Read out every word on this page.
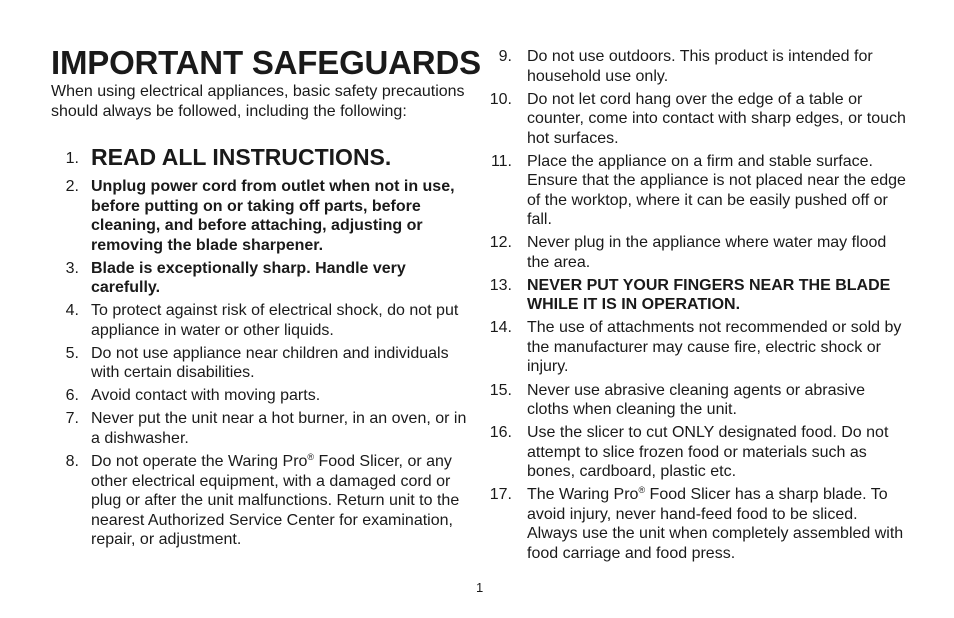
IMPORTANT SAFEGUARDS
When using electrical appliances, basic safety precautions should always be followed, including the following:
1. READ ALL INSTRUCTIONS.
2. Unplug power cord from outlet when not in use, before putting on or taking off parts, before cleaning, and before attaching, adjusting or removing the blade sharpener.
3. Blade is exceptionally sharp. Handle very carefully.
4. To protect against risk of electrical shock, do not put appliance in water or other liquids.
5. Do not use appliance near children and individuals with certain disabilities.
6. Avoid contact with moving parts.
7. Never put the unit near a hot burner, in an oven, or in a dishwasher.
8. Do not operate the Waring Pro® Food Slicer, or any other electrical equipment, with a damaged cord or plug or after the unit malfunctions. Return unit to the nearest Authorized Service Center for examination, repair, or adjustment.
9. Do not use outdoors. This product is intended for household use only.
10. Do not let cord hang over the edge of a table or counter, come into contact with sharp edges, or touch hot surfaces.
11. Place the appliance on a firm and stable surface. Ensure that the appliance is not placed near the edge of the worktop, where it can be easily pushed off or fall.
12. Never plug in the appliance where water may flood the area.
13. NEVER PUT YOUR FINGERS NEAR THE BLADE WHILE IT IS IN OPERATION.
14. The use of attachments not recommended or sold by the manufacturer may cause fire, electric shock or injury.
15. Never use abrasive cleaning agents or abrasive cloths when cleaning the unit.
16. Use the slicer to cut ONLY designated food. Do not attempt to slice frozen food or materials such as bones, cardboard, plastic etc.
17. The Waring Pro® Food Slicer has a sharp blade. To avoid injury, never hand-feed food to be sliced. Always use the unit when completely assembled with food carriage and food press.
1
